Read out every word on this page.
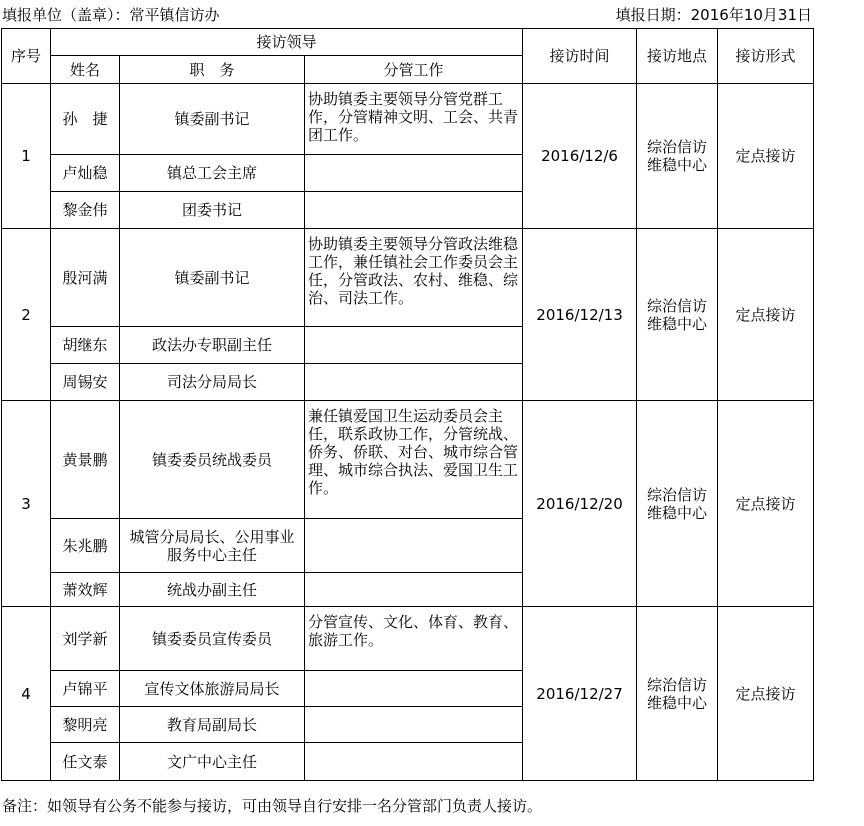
填报单位（盖章）：常平镇信访办	填报日期：2016年10月31日
序号	接访领导			接访时间	接访地点	接访形式
	姓名	职　务	分管工作			
1	孙　捷	镇委副书记	协助镇委主要领导分管党群工作，分管精神文明、工会、共青团工作。	2016/12/6	综治信访维稳中心	定点接访
	卢灿稳	镇总工会主席				
	黎金伟	团委书记				
2	殷河满	镇委副书记	协助镇委主要领导分管政法维稳工作，兼任镇社会工作委员会主任，分管政法、农村、维稳、综治、司法工作。	2016/12/13	综治信访维稳中心	定点接访
	胡继东	政法办专职副主任				
	周锡安	司法分局局长				
3	黄景鹏	镇委委员统战委员	兼任镇爱国卫生运动委员会主任，联系政协工作，分管统战、侨务、侨联、对台、城市综合管理、城市综合执法、爱国卫生工作。	2016/12/20	综治信访维稳中心	定点接访
	朱兆鹏	城管分局局长、公用事业服务中心主任				
	萧效辉	统战办副主任				
4	刘学新	镇委委员宣传委员	分管宣传、文化、体育、教育、旅游工作。	2016/12/27	综治信访维稳中心	定点接访
	卢锦平	宣传文体旅游局局长				
	黎明亮	教育局副局长				
	任文泰	文广中心主任				
备注：如领导有公务不能参与接访，可由领导自行安排一名分管部门负责人接访。
